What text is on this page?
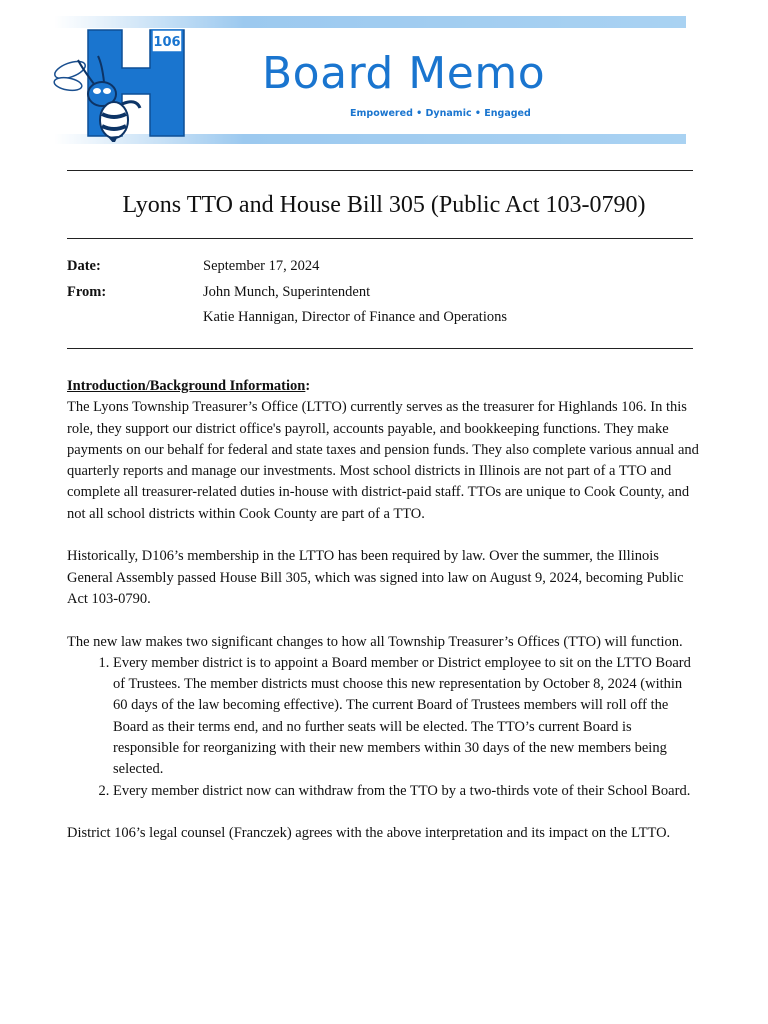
106
Board Memo
Empowered • Dynamic • Engaged
Lyons TTO and House Bill 305 (Public Act 103-0790)
Date:	September 17, 2024
From:	John Munch, Superintendent
Katie Hannigan, Director of Finance and Operations
Introduction/Background Information:

The Lyons Township Treasurer’s Office (LTTO) currently serves as the treasurer for Highlands 106. In this role, they support our district office's payroll, accounts payable, and bookkeeping functions. They make payments on our behalf for federal and state taxes and pension funds. They also complete various annual and quarterly reports and manage our investments. Most school districts in Illinois are not part of a TTO and complete all treasurer-related duties in-house with district-paid staff. TTOs are unique to Cook County, and not all school districts within Cook County are part of a TTO.

Historically, D106’s membership in the LTTO has been required by law. Over the summer, the Illinois General Assembly passed House Bill 305, which was signed into law on August 9, 2024, becoming Public Act 103-0790.

The new law makes two significant changes to how all Township Treasurer’s Offices (TTO) will function.

1. Every member district is to appoint a Board member or District employee to sit on the LTTO Board of Trustees. The member districts must choose this new representation by October 8, 2024 (within 60 days of the law becoming effective). The current Board of Trustees members will roll off the Board as their terms end, and no further seats will be elected. The TTO’s current Board is responsible for reorganizing with their new members within 30 days of the new members being selected.
2. Every member district now can withdraw from the TTO by a two-thirds vote of their School Board.

District 106’s legal counsel (Franczek) agrees with the above interpretation and its impact on the LTTO.
